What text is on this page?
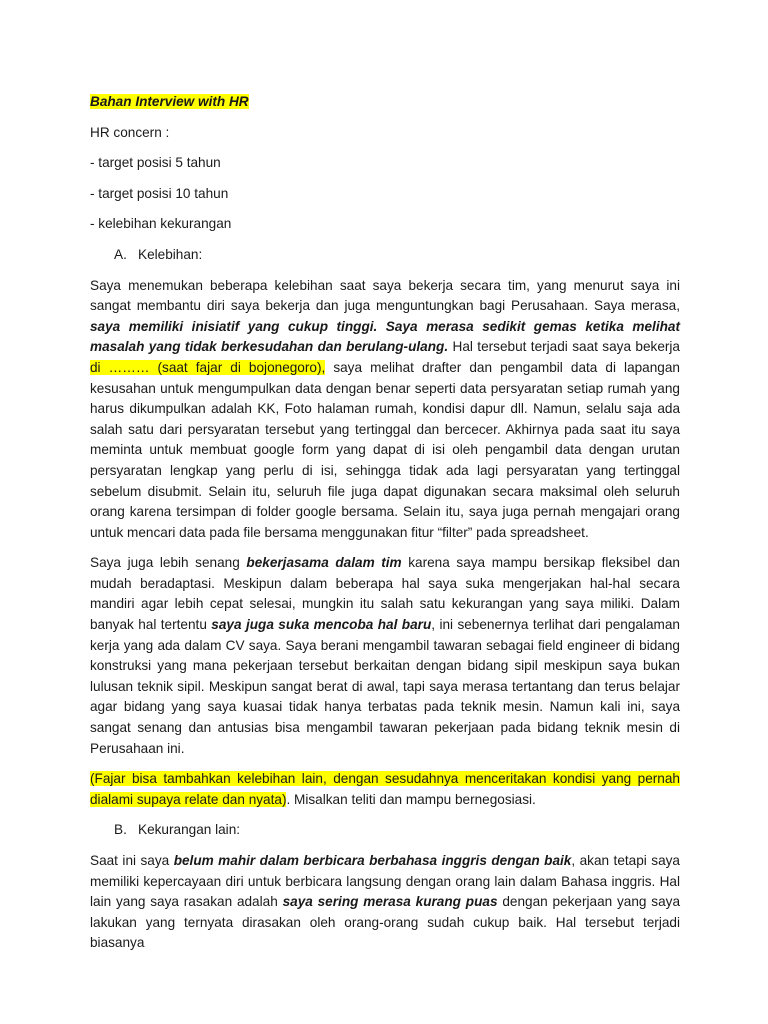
Bahan Interview with HR

HR concern :

- target posisi 5 tahun

- target posisi 10 tahun

- kelebihan kekurangan

A. Kelebihan:

Saya menemukan beberapa kelebihan saat saya bekerja secara tim, yang menurut saya ini sangat membantu diri saya bekerja dan juga menguntungkan bagi Perusahaan. Saya merasa, saya memiliki inisiatif yang cukup tinggi. Saya merasa sedikit gemas ketika melihat masalah yang tidak berkesudahan dan berulang-ulang. Hal tersebut terjadi saat saya bekerja di ……… (saat fajar di bojonegoro), saya melihat drafter dan pengambil data di lapangan kesusahan untuk mengumpulkan data dengan benar seperti data persyaratan setiap rumah yang harus dikumpulkan adalah KK, Foto halaman rumah, kondisi dapur dll. Namun, selalu saja ada salah satu dari persyaratan tersebut yang tertinggal dan bercecer. Akhirnya pada saat itu saya meminta untuk membuat google form yang dapat di isi oleh pengambil data dengan urutan persyaratan lengkap yang perlu di isi, sehingga tidak ada lagi persyaratan yang tertinggal sebelum disubmit. Selain itu, seluruh file juga dapat digunakan secara maksimal oleh seluruh orang karena tersimpan di folder google bersama. Selain itu, saya juga pernah mengajari orang untuk mencari data pada file bersama menggunakan fitur “filter” pada spreadsheet.

Saya juga lebih senang bekerjasama dalam tim karena saya mampu bersikap fleksibel dan mudah beradaptasi. Meskipun dalam beberapa hal saya suka mengerjakan hal-hal secara mandiri agar lebih cepat selesai, mungkin itu salah satu kekurangan yang saya miliki. Dalam banyak hal tertentu saya juga suka mencoba hal baru, ini sebenernya terlihat dari pengalaman kerja yang ada dalam CV saya. Saya berani mengambil tawaran sebagai field engineer di bidang konstruksi yang mana pekerjaan tersebut berkaitan dengan bidang sipil meskipun saya bukan lulusan teknik sipil. Meskipun sangat berat di awal, tapi saya merasa tertantang dan terus belajar agar bidang yang saya kuasai tidak hanya terbatas pada teknik mesin. Namun kali ini, saya sangat senang dan antusias bisa mengambil tawaran pekerjaan pada bidang teknik mesin di Perusahaan ini.

(Fajar bisa tambahkan kelebihan lain, dengan sesudahnya menceritakan kondisi yang pernah dialami supaya relate dan nyata). Misalkan teliti dan mampu bernegosiasi.

B. Kekurangan lain:

Saat ini saya belum mahir dalam berbicara berbahasa inggris dengan baik, akan tetapi saya memiliki kepercayaan diri untuk berbicara langsung dengan orang lain dalam Bahasa inggris. Hal lain yang saya rasakan adalah saya sering merasa kurang puas dengan pekerjaan yang saya lakukan yang ternyata dirasakan oleh orang-orang sudah cukup baik. Hal tersebut terjadi biasanya
